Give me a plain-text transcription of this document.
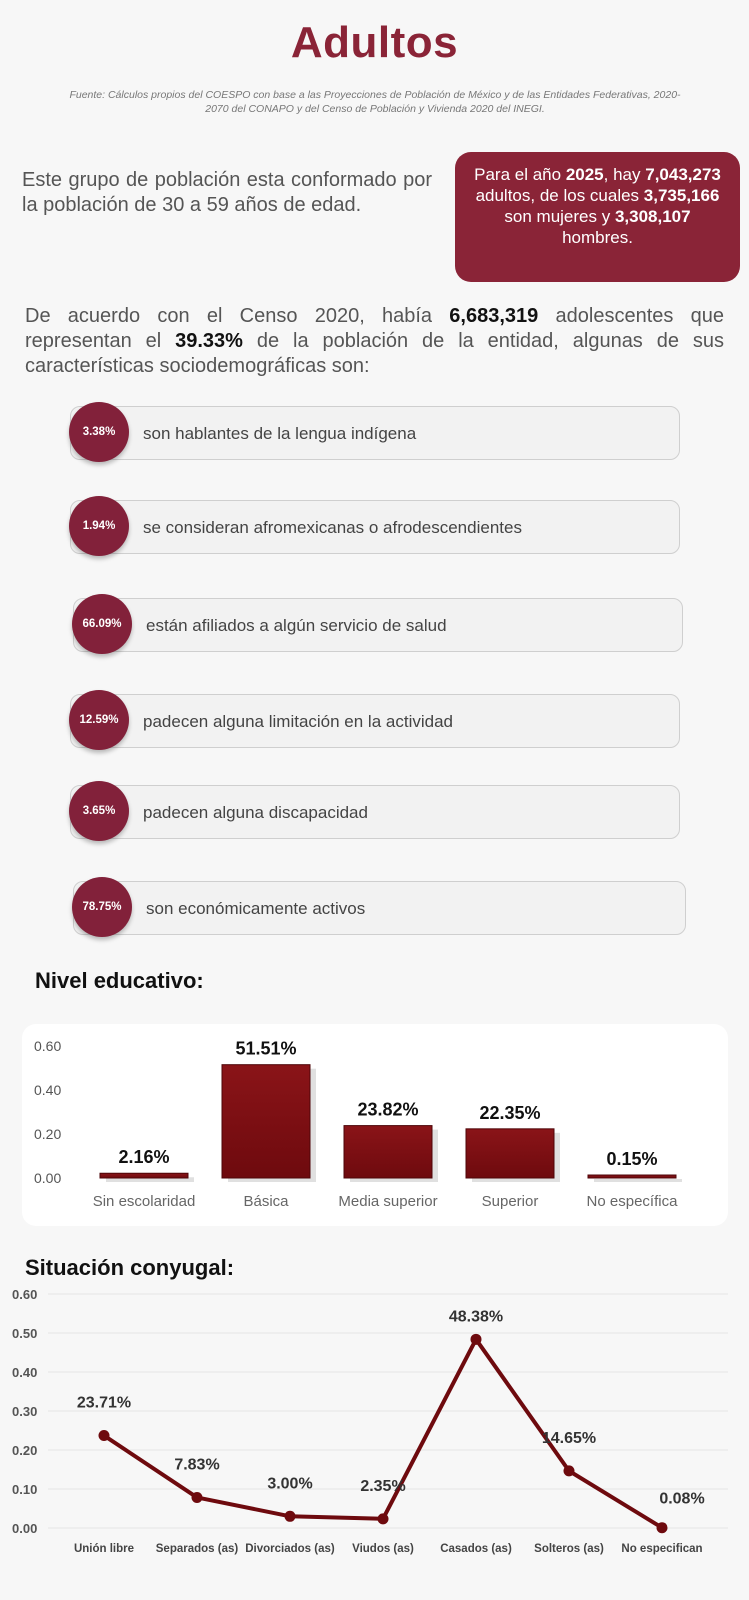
Adultos
Fuente: Cálculos propios del COESPO con base a las Proyecciones de Población de México y de las Entidades Federativas, 2020-2070 del CONAPO y del Censo de Población y Vivienda 2020 del INEGI.
Este grupo de población esta conformado por la población de 30 a 59 años de edad.
Para el año 2025, hay 7,043,273 adultos, de los cuales 3,735,166 son mujeres y 3,308,107 hombres.
De acuerdo con el Censo 2020, había 6,683,319 adolescentes que representan el 39.33% de la población de la entidad, algunas de sus características sociodemográficas son:
3.38%	son hablantes de la lengua indígena
1.94%	se consideran afromexicanas o afrodescendientes
66.09%	están afiliados a algún servicio de salud
12.59%	padecen alguna limitación en la actividad
3.65%	padecen alguna discapacidad
78.75%	son económicamente activos
Nivel educativo:
0.00
0.20
0.40
0.60
2.16%
Sin escolaridad
51.51%
Básica
23.82%
Media superior
22.35%
Superior
0.15%
No específica
Situación conyugal:
0.00
0.10
0.20
0.30
0.40
0.50
0.60
23.71%
Unión libre
7.83%
Separados (as)
3.00%
Divorciados (as)
2.35%
Viudos (as)
48.38%
Casados (as)
14.65%
Solteros (as)
0.08%
No especifican
